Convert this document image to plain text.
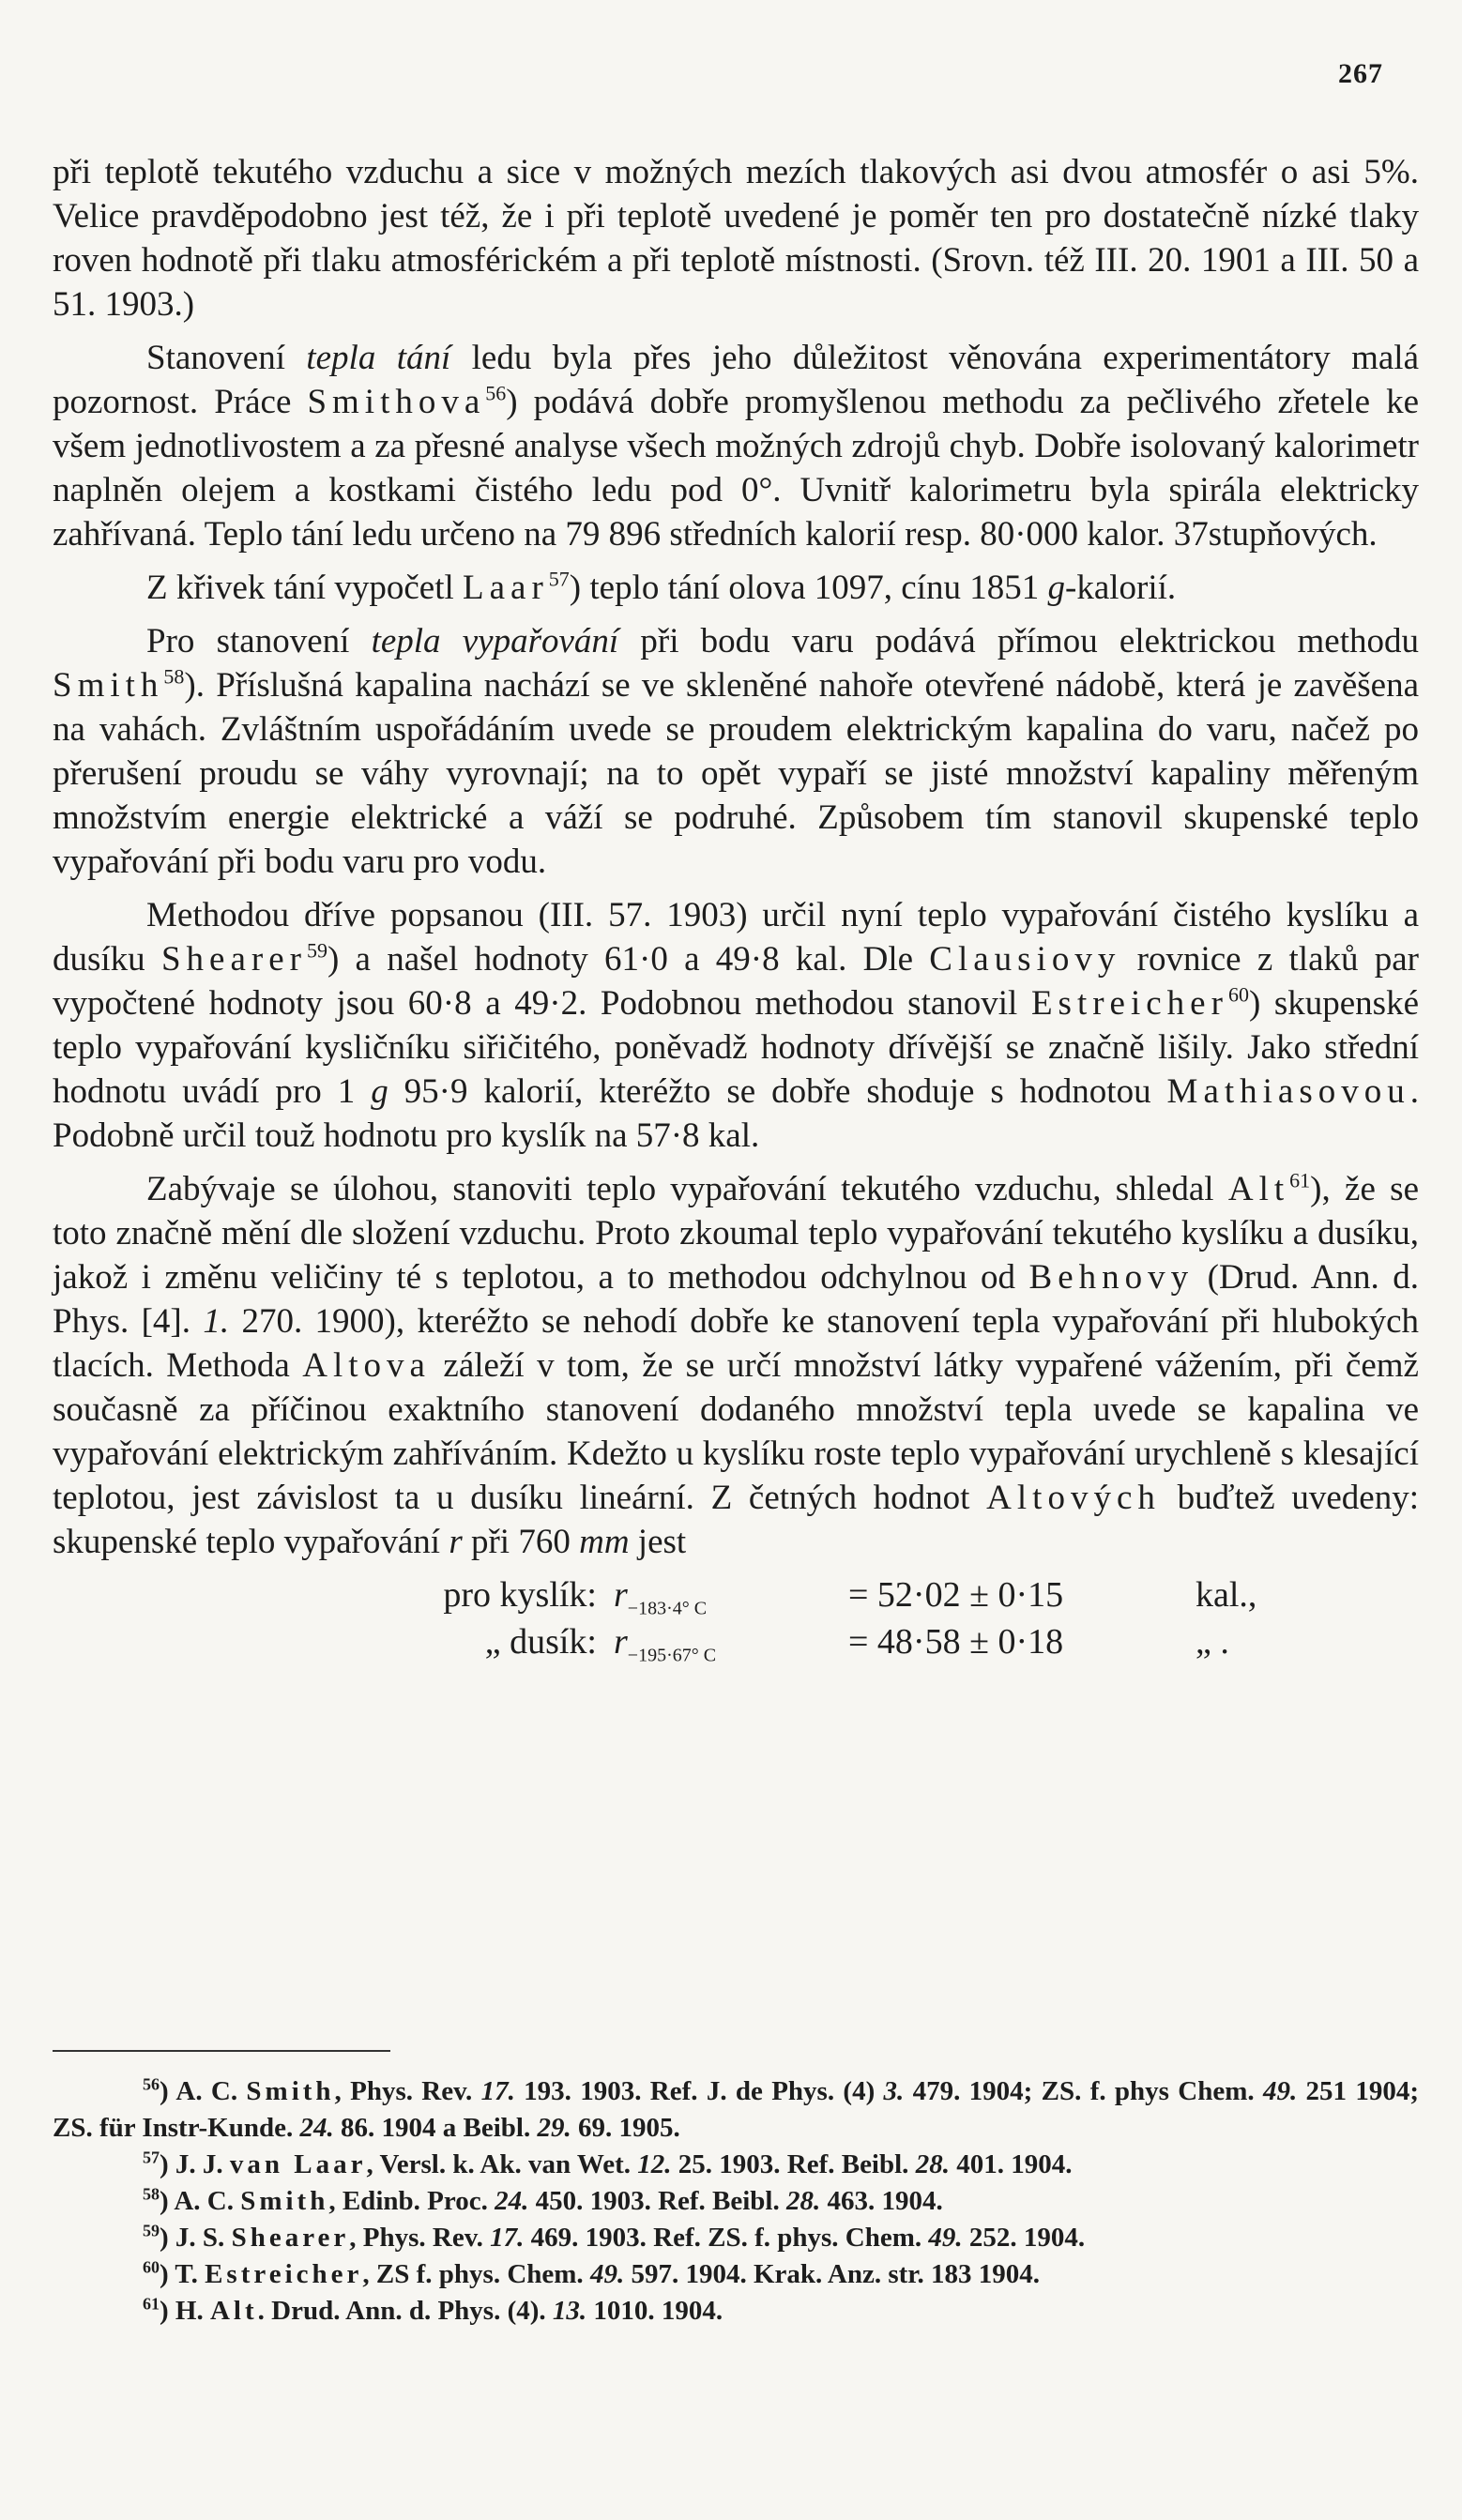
267

při teplotě tekutého vzduchu a sice v možných mezích tlakových asi dvou atmosfér o asi 5%. Velice pravděpodobno jest též, že i při teplotě uvedené je poměr ten pro dostatečně nízké tlaky roven hodnotě při tlaku atmosférickém a při teplotě místnosti. (Srovn. též III. 20. 1901 a III. 50 a 51. 1903.)

Stanovení tepla tání ledu byla přes jeho důležitost věnována experimentátory malá pozornost. Práce Smithova$^{56}$) podává dobře promyšlenou methodu za pečlivého zřetele ke všem jednotlivostem a za přesné analyse všech možných zdrojů chyb. Dobře isolovaný kalorimetr naplněn olejem a kostkami čistého ledu pod 0°. Uvnitř kalorimetru byla spirála elektricky zahřívaná. Teplo tání ledu určeno na 79 896 středních kalorií resp. 80·000 kalor. 37stupňových.

Z křivek tání vypočetl Laar$^{57}$) teplo tání olova 1097, cínu 1851 g-kalorií.

Pro stanovení tepla vypařování při bodu varu podává přímou elektrickou methodu Smith$^{58}$). Příslušná kapalina nachází se ve skleněné nahoře otevřené nádobě, která je zavěšena na vahách. Zvláštním uspořádáním uvede se proudem elektrickým kapalina do varu, načež po přerušení proudu se váhy vyrovnají; na to opět vypaří se jisté množství kapaliny měřeným množstvím energie elektrické a váží se podruhé. Způsobem tím stanovil skupenské teplo vypařování při bodu varu pro vodu.

Methodou dříve popsanou (III. 57. 1903) určil nyní teplo vypařování čistého kyslíku a dusíku Shearer$^{59}$) a našel hodnoty 61·0 a 49·8 kal. Dle Clausiovy rovnice z tlaků par vypočtené hodnoty jsou 60·8 a 49·2. Podobnou methodou stanovil Estreicher$^{60}$) skupenské teplo vypařování kysličníku siřičitého, poněvadž hodnoty dřívější se značně lišily. Jako střední hodnotu uvádí pro 1 g 95·9 kalorií, kteréžto se dobře shoduje s hodnotou Mathiasovou. Podobně určil touž hodnotu pro kyslík na 57·8 kal.

Zabývaje se úlohou, stanoviti teplo vypařování tekutého vzduchu, shledal Alt$^{61}$), že se toto značně mění dle složení vzduchu. Proto zkoumal teplo vypařování tekutého kyslíku a dusíku, jakož i změnu veličiny té s teplotou, a to methodou odchylnou od Behnovy (Drud. Ann. d. Phys. [4]. 1. 270. 1900), kteréžto se nehodí dobře ke stanovení tepla vypařování při hlubokých tlacích. Methoda Altova záleží v tom, že se určí množství látky vypařené vážením, při čemž současně za příčinou exaktního stanovení dodaného množství tepla uvede se kapalina ve vypařování elektrickým zahříváním. Kdežto u kyslíku roste teplo vypařování urychleně s klesající teplotou, jest závislost ta u dusíku lineární. Z četných hodnot Altových buďtež uvedeny: skupenské teplo vypařování r při 760 mm jest

pro kyslík: $r_{-183\cdot 4^\circ C}$	= 52·02 ± 0·15	kal.,
„ dusík: $r_{-195\cdot 67^\circ C}$	= 48·58 ± 0·18	„ .

$^{56}$) A. C. Smith, Phys. Rev. 17. 193. 1903. Ref. J. de Phys. (4) 3. 479. 1904; ZS. f. phys Chem. 49. 251 1904; ZS. für Instr-Kunde. 24. 86. 1904 a Beibl. 29. 69. 1905.

$^{57}$) J. J. van Laar, Versl. k. Ak. van Wet. 12. 25. 1903. Ref. Beibl. 28. 401. 1904.

$^{58}$) A. C. Smith, Edinb. Proc. 24. 450. 1903. Ref. Beibl. 28. 463. 1904.

$^{59}$) J. S. Shearer, Phys. Rev. 17. 469. 1903. Ref. ZS. f. phys. Chem. 49. 252. 1904.

$^{60}$) T. Estreicher, ZS f. phys. Chem. 49. 597. 1904. Krak. Anz. str. 183 1904.

$^{61}$) H. Alt. Drud. Ann. d. Phys. (4). 13. 1010. 1904.
